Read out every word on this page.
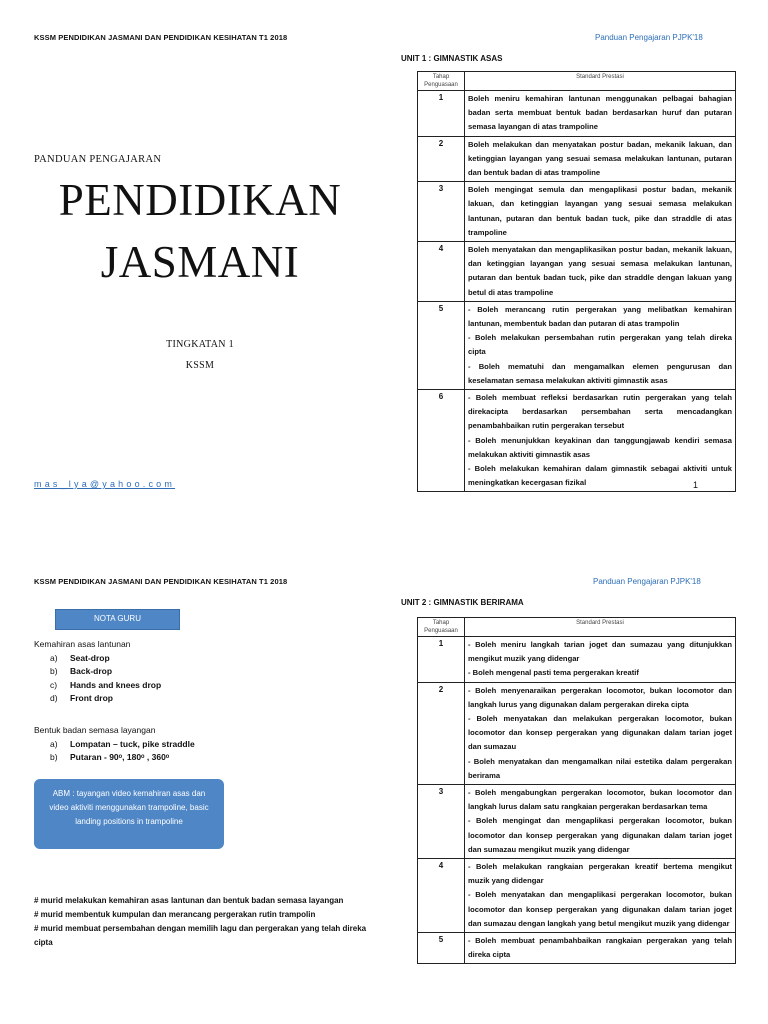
KSSM PENDIDIKAN JASMANI DAN PENDIDIKAN KESIHATAN T1 2018	Panduan Pengajaran PJPK'18
PANDUAN PENGAJARAN
PENDIDIKAN
JASMANI
TINGKATAN 1
KSSM
mas_lya@yahoo.com
UNIT 1 : GIMNASTIK ASAS
Tahap Penguasaan	Standard Prestasi
1	Boleh meniru kemahiran lantunan menggunakan pelbagai bahagian badan serta membuat bentuk badan berdasarkan huruf dan putaran semasa layangan di atas trampoline

2	Boleh melakukan dan menyatakan postur badan, mekanik lakuan, dan ketinggian layangan yang sesuai semasa melakukan lantunan, putaran dan bentuk badan di atas trampoline

3	Boleh mengingat semula dan mengaplikasi postur badan, mekanik lakuan, dan ketinggian layangan yang sesuai semasa melakukan lantunan, putaran dan bentuk badan tuck, pike dan straddle di atas trampoline

4	Boleh menyatakan dan mengaplikasikan postur badan, mekanik lakuan, dan ketinggian layangan yang sesuai semasa melakukan lantunan, putaran dan bentuk badan tuck, pike dan straddle dengan lakuan yang betul di atas trampoline

5	- Boleh merancang rutin pergerakan yang melibatkan kemahiran lantunan, membentuk badan dan putaran di atas trampolin

- Boleh melakukan persembahan rutin pergerakan yang telah direka cipta

- Boleh mematuhi dan mengamalkan elemen pengurusan dan keselamatan semasa melakukan aktiviti gimnastik asas

6	- Boleh membuat refleksi berdasarkan rutin pergerakan yang telah direkacipta berdasarkan persembahan serta mencadangkan penambahbaikan rutin pergerakan tersebut

- Boleh menunjukkan keyakinan dan tanggungjawab kendiri semasa melakukan aktiviti gimnastik asas

- Boleh melakukan kemahiran dalam gimnastik sebagai aktiviti untuk meningkatkan kecergasan fizikal	1
KSSM PENDIDIKAN JASMANI DAN PENDIDIKAN KESIHATAN T1 2018	Panduan Pengajaran PJPK'18
NOTA GURU
Kemahiran asas lantunan
a) Seat-drop
b) Back-drop
c) Hands and knees drop
d) Front drop
Bentuk badan semasa layangan
a) Lompatan – tuck, pike straddle
b) Putaran - 90ᵒ, 180ᵒ , 360ᵒ
ABM : tayangan video kemahiran asas dan video aktiviti menggunakan trampoline, basic landing positions in trampoline
# murid melakukan kemahiran asas lantunan dan bentuk badan semasa layangan
# murid membentuk kumpulan dan merancang pergerakan rutin trampolin
# murid membuat persembahan dengan memilih lagu dan pergerakan yang telah direka cipta
UNIT 2 : GIMNASTIK BERIRAMA
Tahap Penguasaan	Standard Prestasi
1	- Boleh meniru langkah tarian joget dan sumazau yang ditunjukkan mengikut muzik yang didengar

- Boleh mengenal pasti tema pergerakan kreatif

2	- Boleh menyenaraikan pergerakan locomotor, bukan locomotor dan langkah lurus yang digunakan dalam pergerakan direka cipta

- Boleh menyatakan dan melakukan pergerakan locomotor, bukan locomotor dan konsep pergerakan yang digunakan dalam tarian joget dan sumazau

- Boleh menyatakan dan mengamalkan nilai estetika dalam pergerakan berirama

3	- Boleh mengabungkan pergerakan locomotor, bukan locomotor dan langkah lurus dalam satu rangkaian pergerakan berdasarkan tema

- Boleh mengingat dan mengaplikasi pergerakan locomotor, bukan locomotor dan konsep pergerakan yang digunakan dalam tarian joget dan sumazau mengikut muzik yang didengar

4	- Boleh melakukan rangkaian pergerakan kreatif bertema mengikut muzik yang didengar

- Boleh menyatakan dan mengaplikasi pergerakan locomotor, bukan locomotor dan konsep pergerakan yang digunakan dalam tarian joget dan sumazau dengan langkah yang betul mengikut muzik yang didengar

5	- Boleh membuat penambahbaikan rangkaian pergerakan yang telah direka cipta
